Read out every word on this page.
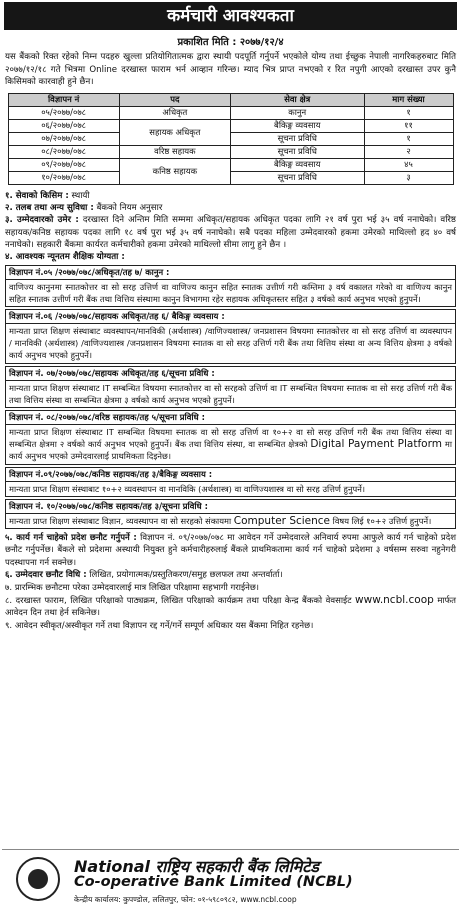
कर्मचारी आवश्यकता
प्रकाशित मिति : २०७७/१२/४
यस बैंकको रिक्त रहेको निम्न पदहरु खुल्ला प्रतियोगितात्मक द्वारा स्थायी पदपूर्ति गर्नुपर्ने भएकोले योग्य तथा ईच्छुक नेपाली नागरिकहरुबाट मिति २०७७/१२/१८ गते भित्रमा Online दरखास्त फाराम भर्न आव्हान गरिन्छ। म्याद भित्र प्राप्त नभएको र रित नपुगी आएको दरखास्त उपर कुनै किसिमको कारवाही हुने छैन।
विज्ञापन नं	पद	सेवा क्षेत्र	माग संख्या
०५/२०७७/०७८	अधिकृत	कानुन	१
०६/२०७७/०७८	सहायक अधिकृत	बैकिङ्ग व्यवसाय	११
०७/२०७७/०७८		सूचना प्रविधि	१
०८/२०७७/०७८	वरिष्ठ सहायक	सूचना प्रविधि	२
०९/२०७७/०७८	कनिष्ठ सहायक	बैकिङ्ग व्यवसाय	४५
१०/२०७७/०७८		सूचना प्रविधि	३
१. सेवाको किसिम : स्थायी
२. तलब तथा अन्य सुविधा : बैंकको नियम अनुसार
३. उम्मेदवारको उमेर : दरखास्त दिने अन्तिम मिति सम्ममा अधिकृत/सहायक अधिकृत पदका लागि २१ वर्ष पुरा भई ३५ वर्ष ननाघेको। वरिष्ठ सहायक/कनिष्ठ सहायक पदका लागि १८ वर्ष पुरा भई ३५ वर्ष ननाघेको। सबै पदका महिला उम्मेदवारको हकमा उमेरको माथिल्लो हद ४० वर्ष ननाघेको। सहकारी बैंकमा कार्यरत कर्मचारीको हकमा उमेरको माथिल्लो सीमा लागु हुने छैन ।
४. आवश्यक न्यूनतम शैक्षिक योग्यता :
विज्ञापन नं.०५ /२०७७/०७८/अधिकृत/तह ७/ कानुन :
वाणिज्य कानुनमा स्नातकोत्तर वा सो सरह उत्तिर्ण वा वाणिज्य कानुन सहित स्नातक उत्तीर्ण गरी कम्तिमा ३ वर्ष वकालत गरेको वा वाणिज्य कानुन सहित स्नातक उत्तीर्ण गरी बैंक तथा वित्तिय संस्थामा कानुन विभागमा रहेर सहायक अधिकृतस्तर सहित ३ वर्षको कार्य अनुभव भएको हुनुपर्ने।
विज्ञापन नं.०६ /२०७७/०७८/सहायक अधिकृत/तह ६/ बैकिङ्ग व्यवसाय :
मान्यता प्राप्त शिक्षण संस्थाबाट व्यवस्थापन/मानविकी (अर्थशास्त्र) /वाणिज्यशास्त्र/ जनप्रशासन विषयमा स्नातकोत्तर वा सो सरह उत्तिर्ण वा व्यवस्थापन / मानविकी (अर्थशास्त्र) /वाणिज्यशास्त्र /जनप्रशासन विषयमा स्नातक वा सो सरह उत्तिर्ण गरी बैंक तथा वित्तिय संस्था वा अन्य वित्तिय क्षेत्रमा ३ वर्षको कार्य अनुभव भएको हुनुपर्ने।
विज्ञापन नं. ०७/२०७७/०७८/सहायक अधिकृत/तह ६/सूचना प्रविधि :
मान्यता प्राप्त शिक्षण संस्थाबाट IT सम्बन्धित विषयमा स्नातकोत्तर वा सो सरहको उत्तिर्ण वा IT सम्बन्धित विषयमा स्नातक वा सो सरह उत्तिर्ण गरी बैंक तथा वित्तिय संस्था वा सम्बन्धित क्षेत्रमा ३ वर्षको कार्य अनुभव भएको हुनुपर्ने।
विज्ञापन नं. ०८/२०७७/०७८/वरिष्ठ सहायक/तह ५/सूचना प्रविधि :
मान्यता प्राप्त शिक्षण संस्थाबाट IT सम्बन्धित विषयमा स्नातक वा सो सरह उत्तिर्ण वा १०+२ वा सो सरह उत्तिर्ण गरी बैंक तथा वित्तिय संस्था वा सम्बन्धित क्षेत्रमा २ वर्षको कार्य अनुभव भएको हुनुपर्ने। बैंक तथा वित्तिय संस्था, वा सम्बन्धित क्षेत्रको Digital Payment Platform मा कार्य अनुभव भएको उम्मेदवारलाई प्राथमिकता दिइनेछ।
विज्ञापन नं.०९/२०७७/०७८/कनिष्ठ सहायक/तह ३/बैकिङ्ग व्यवसाय :
मान्यता प्राप्त शिक्षण संस्थाबाट १०+२ व्यवस्थापन वा मानविकि (अर्थशास्त्र) वा वाणिज्यशास्त्र वा सो सरह उत्तिर्ण हुनुपर्ने।
विज्ञापन नं. १०/२०७७/०७८/कनिष्ठ सहायक/तह ३/सूचना प्रविधि :
मान्यता प्राप्त शिक्षण संस्थाबाट विज्ञान, व्यवस्थापन वा सो सरहको संकायमा Computer Science विषय लिई १०+२ उत्तिर्ण हुनुपर्ने।
५. कार्य गर्न चाहेको प्रदेश छनौट गर्नुपर्ने : विज्ञापन नं. ०९/२०७७/०७८ मा आवेदन गर्ने उम्मेदवारले अनिवार्य रुपमा आफुले कार्य गर्न चाहेको प्रदेश छनौट गर्नुपर्नेछ। बैंकले सो प्रदेशमा अस्थायी नियुक्त हुने कर्मचारीहरुलाई बैंकले प्राथमिकतामा कार्य गर्न चाहेको प्रदेशमा ३ वर्षसम्म सरुवा नहुनेगरी पदस्थापना गर्न सक्नेछ।
६. उम्मेदवार छनौट विधि : लिखित, प्रयोगात्मक/प्रस्तुतिकरण/समुह छलफल तथा अन्तर्वार्ता।
७. प्रारम्भिक छनौटमा परेका उम्मेदवारलाई मात्र लिखित परिक्षामा सहभागी गराईनेछ।
८. दरखास्त फाराम, लिखित परिक्षाको पाठ्यक्रम, लिखित परिक्षाको कार्यक्रम तथा परिक्षा केन्द्र बैंकको वेवसाईट www.ncbl.coop मार्फत आवेदन दिन तथा हेर्न सकिनेछ।
९. आवेदन स्वीकृत/अस्वीकृत गर्ने तथा विज्ञापन रद्द गर्ने/गर्ने सम्पूर्ण अधिकार यस बैंकमा निहित रहनेछ।
National राष्ट्रिय सहकारी बैंक लिमिटेड
Co-operative Bank Limited (NCBL)
केन्द्रीय कार्यालय: कुपण्डोल, ललितपुर, फोन: ०१-५९८०९८२, www.ncbl.coop
